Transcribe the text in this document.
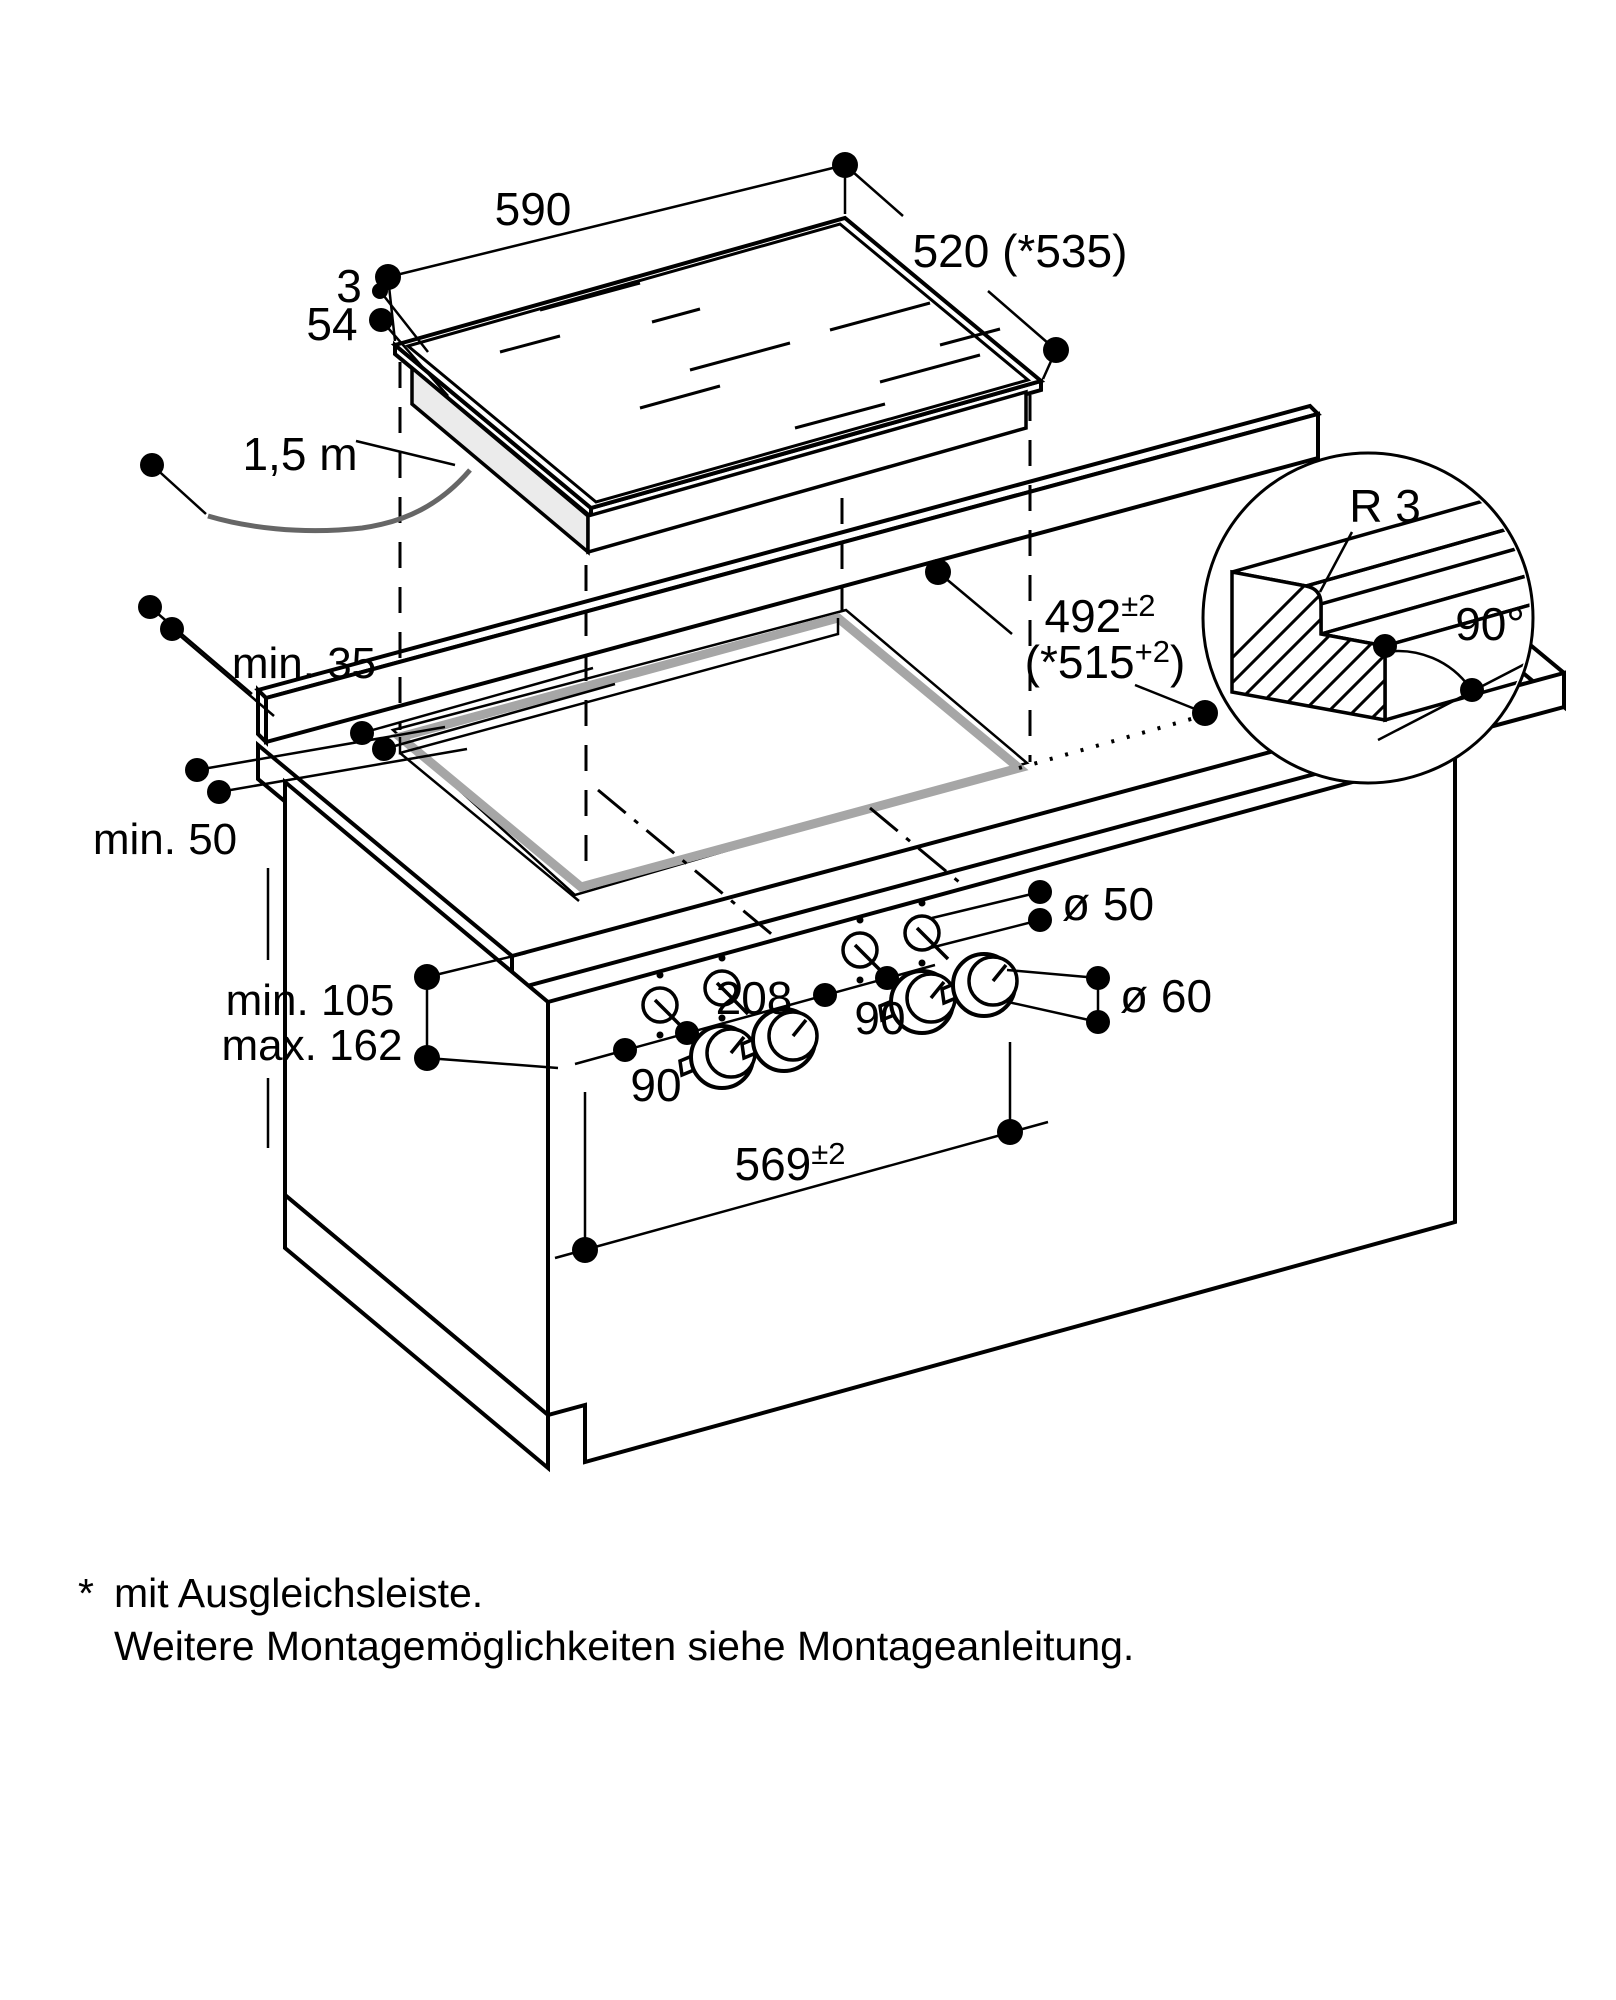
590
520 (*535)
3
54
1,5 m
min. 35
min. 50
min. 105
max. 162
$492^{\pm 2}$
$(*515^{+2})$
90
208 90
ø 50
ø 60
$569^{\pm 2}$
R 3
90°
* mit Ausgleichsleiste.
Weitere Montagemöglichkeiten siehe Montageanleitung.
